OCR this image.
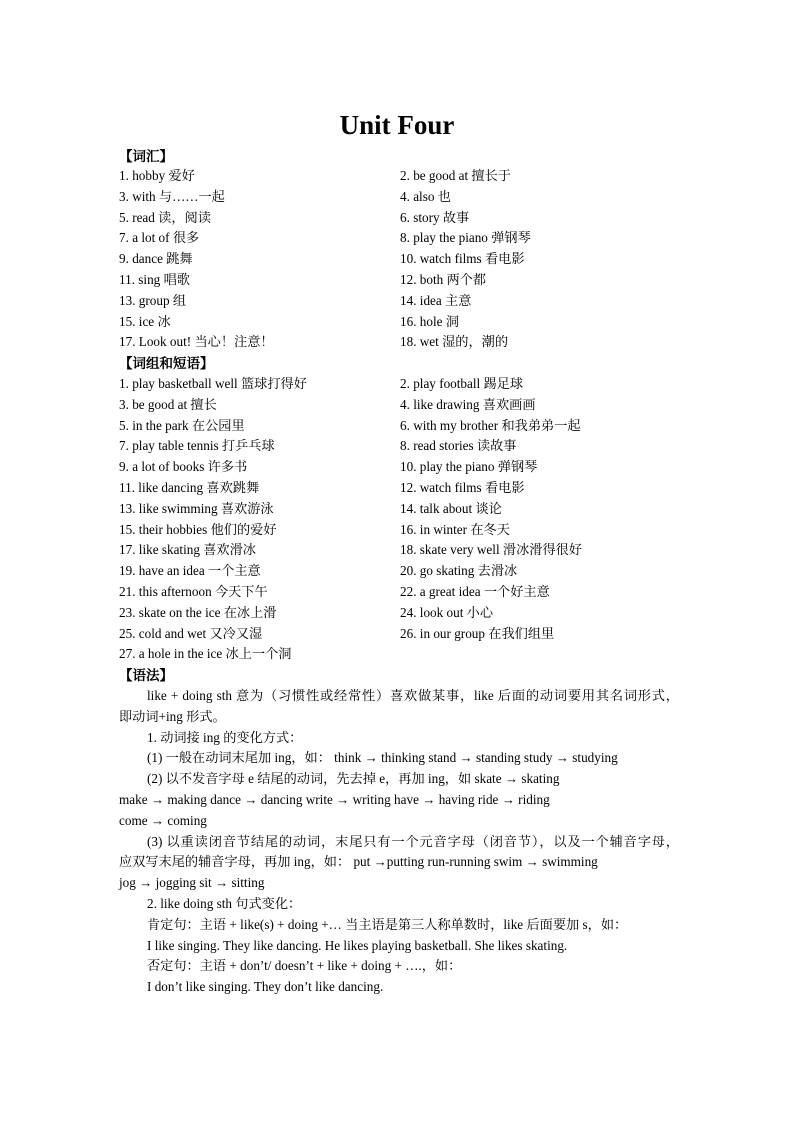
Unit Four
【词汇】
1. hobby 爱好	2. be good at 擅长于
3. with 与……一起	4. also 也
5. read 读，阅读	6. story 故事
7. a lot of 很多	8. play the piano 弹钢琴
9. dance 跳舞	10. watch films 看电影
11. sing 唱歌	12. both 两个都
13. group 组	14. idea 主意
15. ice 冰	16. hole 洞
17. Look out! 当心！注意！	18. wet 湿的，潮的
【词组和短语】
1. play basketball well 篮球打得好	2. play football 踢足球
3. be good at 擅长	4. like drawing 喜欢画画
5. in the park 在公园里	6. with my brother 和我弟弟一起
7. play table tennis 打乒乓球	8. read stories 读故事
9. a lot of books 许多书	10. play the piano 弹钢琴
11. like dancing 喜欢跳舞	12. watch films 看电影
13. like swimming 喜欢游泳	14. talk about 谈论
15. their hobbies 他们的爱好	16. in winter 在冬天
17. like skating 喜欢滑冰	18. skate very well 滑冰滑得很好
19. have an idea 一个主意	20. go skating 去滑冰
21. this afternoon 今天下午	22. a great idea 一个好主意
23. skate on the ice 在冰上滑	24. look out 小心
25. cold and wet 又冷又湿	26. in our group 在我们组里
27. a hole in the ice 冰上一个洞
【语法】
like + doing sth 意为（习惯性或经常性）喜欢做某事，like 后面的动词要用其名词形式，
即动词+ing 形式。
1. 动词接 ing 的变化方式：
(1) 一般在动词末尾加 ing，如： think → thinking stand → standing study → studying
(2) 以不发音字母 e 结尾的动词，先去掉 e，再加 ing，如 skate → skating
make → making dance → dancing write → writing have → having ride → riding
come → coming
(3) 以重读闭音节结尾的动词，末尾只有一个元音字母（闭音节），以及一个辅音字母，
应双写末尾的辅音字母，再加 ing，如： put →putting run-running swim → swimming
jog → jogging sit → sitting
2. like doing sth 句式变化：
肯定句：主语 + like(s) + doing +… 当主语是第三人称单数时，like 后面要加 s，如：
I like singing. They like dancing. He likes playing basketball. She likes skating.
否定句：主语 + don’t/ doesn’t + like + doing + ….，如：
I don’t like singing. They don’t like dancing.
